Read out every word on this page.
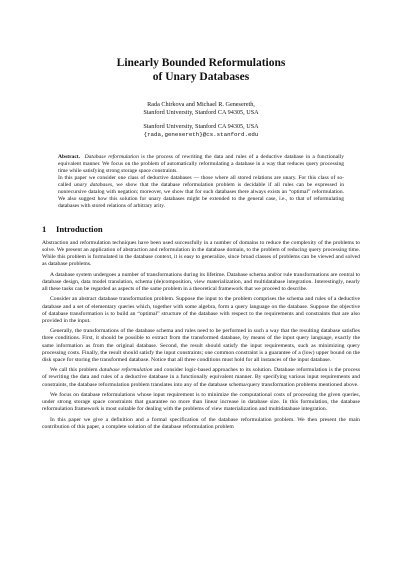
Linearly Bounded Reformulations
of Unary Databases
Rada Chirkova and Michael R. Genesereth,
Stanford University, Stanford CA 94305, USA
Stanford University, Stanford CA 94305, USA
{rada,genesereth}@cs.stanford.edu

Abstract. Database reformulation is the process of rewriting the data and rules of a deductive database in a functionally equivalent manner. We focus on the problem of automatically reformulating a database in a way that reduces query processing time while satisfying strong storage space constraints.

In this paper we consider one class of deductive databases — those where all stored relations are unary. For this class of so-called unary databases, we show that the database reformulation problem is decidable if all rules can be expressed in nonrecursive datalog with negation; moreover, we show that for such databases there always exists an “optimal” reformulation. We also suggest how this solution for unary databases might be extended to the general case, i.e., to that of reformulating databases with stored relations of arbitrary arity.

1 Introduction

Abstraction and reformulation techniques have been used successfully in a number of domains to reduce the complexity of the problems to solve. We present an application of abstraction and reformulation in the database domain, to the problem of reducing query processing time. While this problem is formulated in the database context, it is easy to generalize, since broad classes of problems can be viewed and solved as database problems.

A database system undergoes a number of transformations during its lifetime. Database schema and/or rule transformations are central to database design, data model translation, schema (de)composition, view materialization, and multidatabase integration. Interestingly, nearly all these tasks can be regarded as aspects of the same problem in a theoretical framework that we proceed to describe.

Consider an abstract database transformation problem. Suppose the input to the problem comprises the schema and rules of a deductive database and a set of elementary queries which, together with some algebra, form a query language on the database. Suppose the objective of database transformation is to build an “optimal” structure of the database with respect to the requirements and constraints that are also provided in the input.

Generally, the transformations of the database schema and rules need to be performed in such a way that the resulting database satisfies three conditions. First, it should be possible to extract from the transformed database, by means of the input query language, exactly the same information as from the original database. Second, the result should satisfy the input requirements, such as minimizing query processing costs. Finally, the result should satisfy the input constraints; one common constraint is a guarantee of a (low) upper bound on the disk space for storing the transformed database. Notice that all three conditions must hold for all instances of the input database.

We call this problem database reformulation and consider logic-based approaches to its solution. Database reformulation is the process of rewriting the data and rules of a deductive database in a functionally equivalent manner. By specifying various input requirements and constraints, the database reformulation problem translates into any of the database schema/query transformation problems mentioned above.

We focus on database reformulations whose input requirement is to minimize the computational costs of processing the given queries, under strong storage space constraints that guarantee no more than linear increase in database size. In this formulation, the database reformulation framework is most suitable for dealing with the problems of view materialization and multidatabase integration.

In this paper we give a definition and a formal specification of the database reformulation problem. We then present the main contribution of this paper, a complete solution of the database reformulation problem
